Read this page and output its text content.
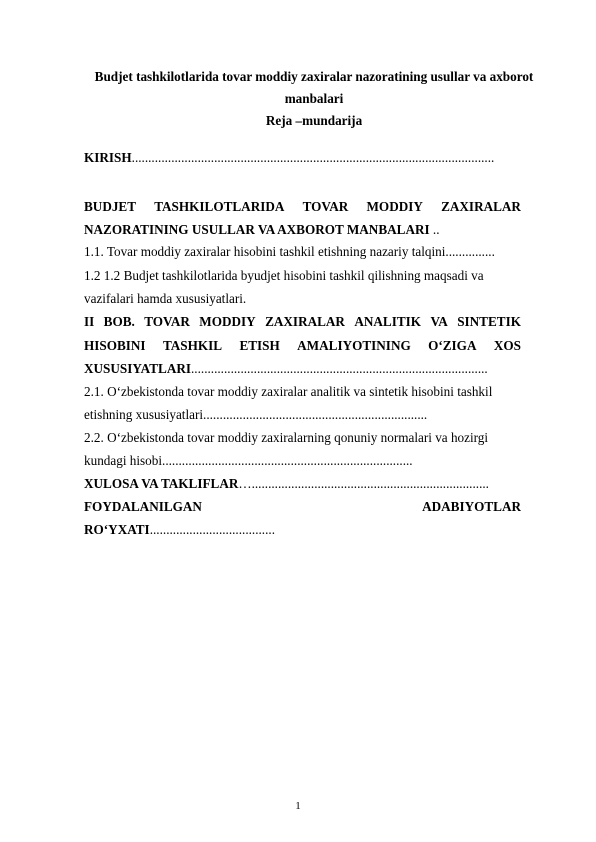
Budjet tashkilotlarida tovar moddiy zaxiralar nazoratining usullar va axborot
manbalari
Reja –mundarija
KIRISH..............................................................................................................
BUDJET TASHKILOTLARIDA TOVAR MODDIY ZAXIRALAR
NAZORATINING USULLAR VA AXBOROT MANBALARI ..
1.1. Tovar moddiy zaxiralar hisobini tashkil etishning nazariy talqini...............
1.2 1.2 Budjet tashkilotlarida byudjet hisobini tashkil qilishning maqsadi va
vazifalari hamda xususiyatlari.
II BOB. TOVAR MODDIY ZAXIRALAR ANALITIK VA SINTETIK
HISOBINI TASHKIL ETISH AMALIYOTINING O‘ZIGA XOS
XUSUSIYATLARI..........................................................................................
2.1. O‘zbekistonda tovar moddiy zaxiralar analitik va sintetik hisobini tashkil
etishning xususiyatlari....................................................................
2.2. O‘zbekistonda tovar moddiy zaxiralarning qonuniy normalari va hozirgi
kundagi hisobi............................................................................
XULOSA VA TAKLIFLAR…........................................................................
FOYDALANILGAN	ADABIYOTLAR
RO‘YXATI......................................
1
